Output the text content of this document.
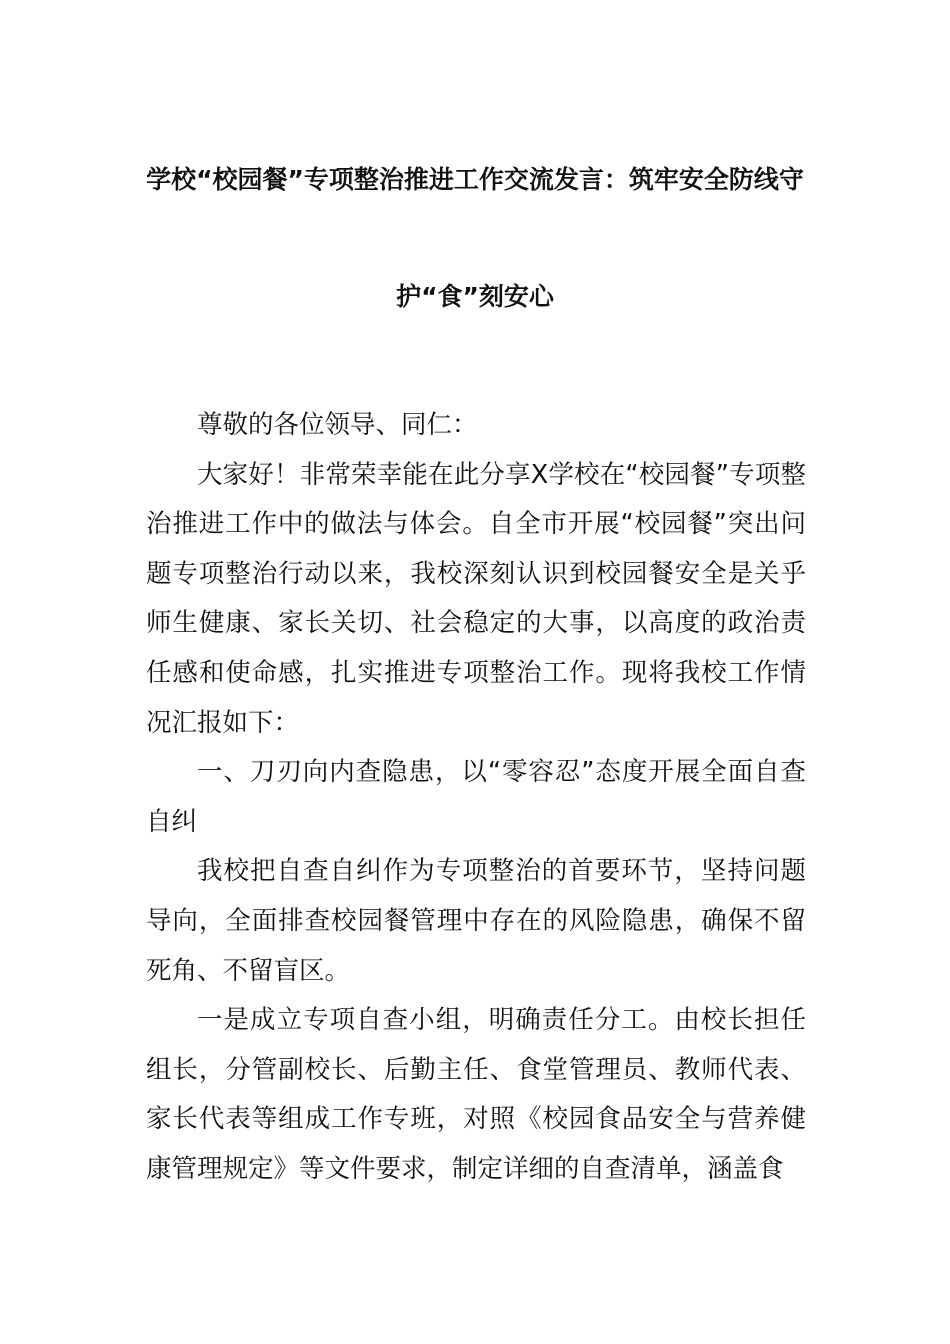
学校“校园餐”专项整治推进工作交流发言：筑牢安全防线守
护“食”刻安心

尊敬的各位领导、同仁：

大家好！非常荣幸能在此分享X学校在“校园餐”专项整治推进工作中的做法与体会。自全市开展“校园餐”突出问题专项整治行动以来，我校深刻认识到校园餐安全是关乎师生健康、家长关切、社会稳定的大事，以高度的政治责任感和使命感，扎实推进专项整治工作。现将我校工作情况汇报如下：

一、刀刃向内查隐患，以“零容忍”态度开展全面自查自纠

我校把自查自纠作为专项整治的首要环节，坚持问题导向，全面排查校园餐管理中存在的风险隐患，确保不留死角、不留盲区。

一是成立专项自查小组，明确责任分工。由校长担任组长，分管副校长、后勤主任、食堂管理员、教师代表、家长代表等组成工作专班，对照《校园食品安全与营养健康管理规定》等文件要求，制定详细的自查清单，涵盖食
